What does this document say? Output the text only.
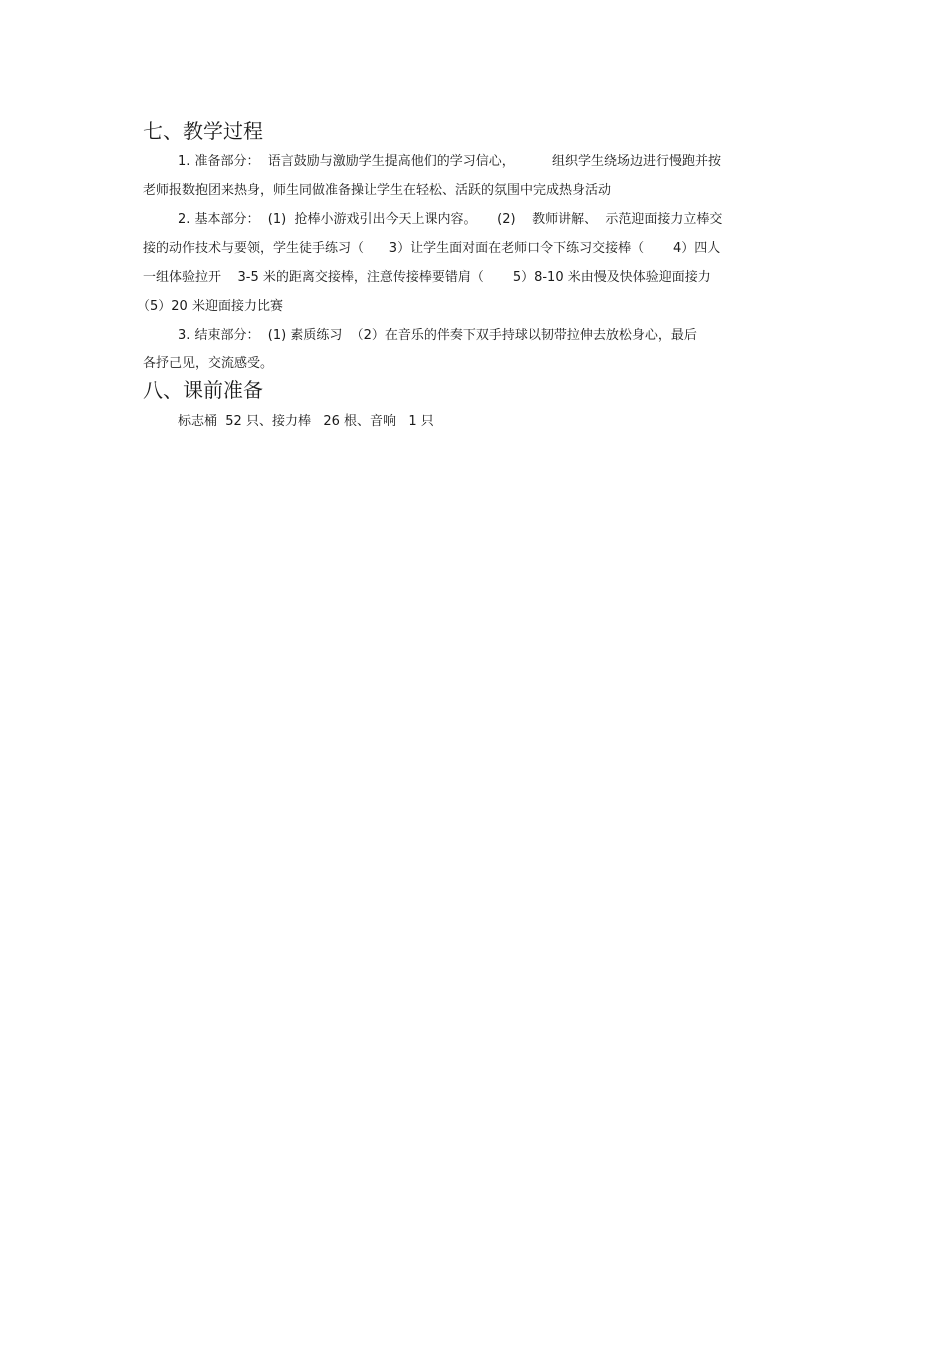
七、教学过程

1. 准备部分：  语言鼓励与激励学生提高他们的学习信心，         组织学生绕场边进行慢跑并按

老师报数抱团来热身，师生同做准备操让学生在轻松、活跃的氛围中完成热身活动

2. 基本部分：  (1)  抢棒小游戏引出今天上课内容。     (2)    教师讲解、  示范迎面接力立棒交

接的动作技术与要领，学生徒手练习（      3）让学生面对面在老师口令下练习交接棒（       4）四人

一组体验拉开    3-5 米的距离交接棒，注意传接棒要错肩（       5）8-10 米由慢及快体验迎面接力

（5）20 米迎面接力比赛

3. 结束部分：  (1) 素质练习  （2）在音乐的伴奏下双手持球以韧带拉伸去放松身心，最后

各抒己见，交流感受。

八、课前准备

标志桶  52 只、接力棒   26 根、音响   1 只
